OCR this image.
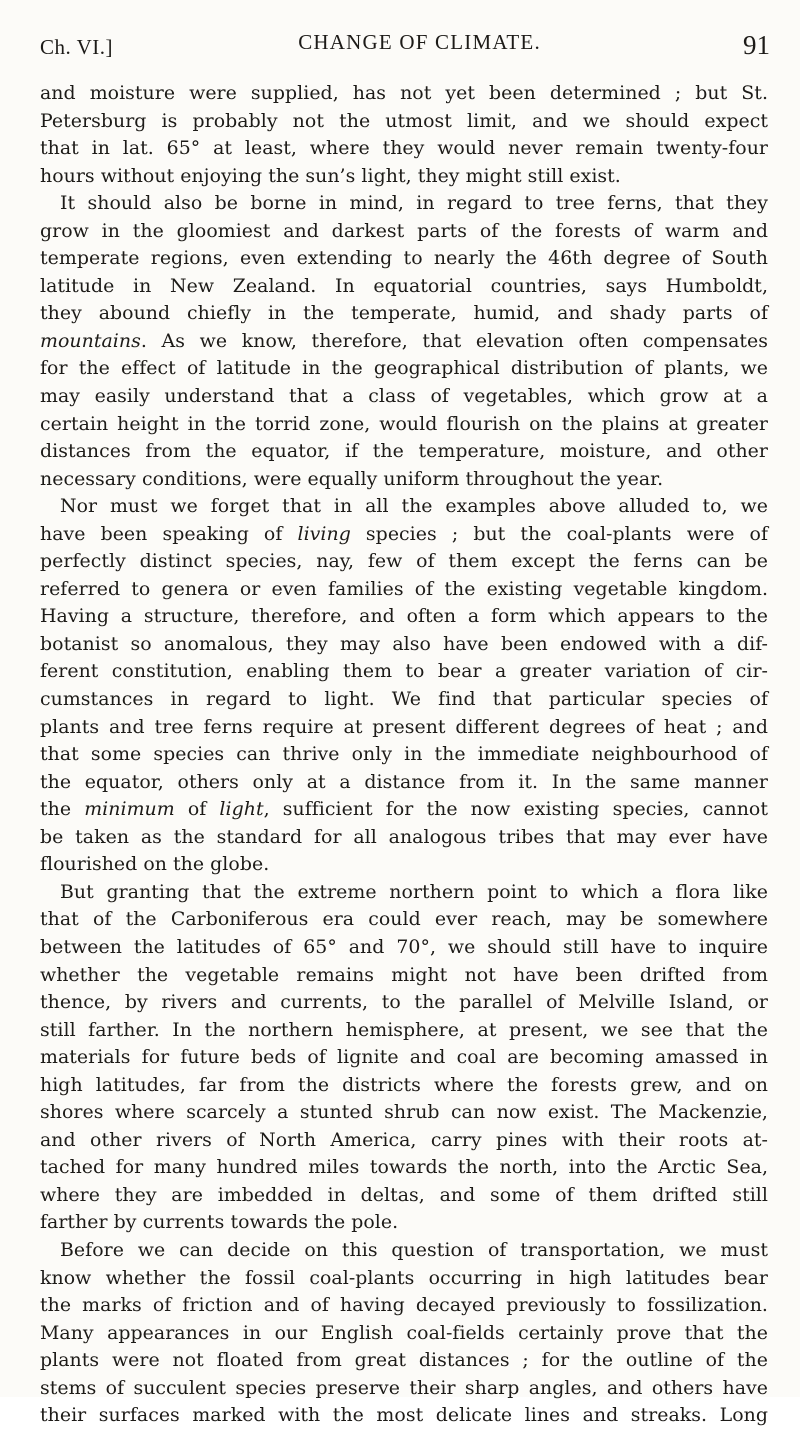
Ch. VI.]	CHANGE OF CLIMATE.	91
and moisture were supplied, has not yet been determined ; but St.
Petersburg is probably not the utmost limit, and we should expect
that in lat. 65° at least, where they would never remain twenty-four
hours without enjoying the sun’s light, they might still exist.
It should also be borne in mind, in regard to tree ferns, that they
grow in the gloomiest and darkest parts of the forests of warm and
temperate regions, even extending to nearly the 46th degree of South
latitude in New Zealand. In equatorial countries, says Humboldt,
they abound chiefly in the temperate, humid, and shady parts of
mountains. As we know, therefore, that elevation often compensates
for the effect of latitude in the geographical distribution of plants, we
may easily understand that a class of vegetables, which grow at a
certain height in the torrid zone, would flourish on the plains at greater
distances from the equator, if the temperature, moisture, and other
necessary conditions, were equally uniform throughout the year.
Nor must we forget that in all the examples above alluded to, we
have been speaking of living species ; but the coal-plants were of
perfectly distinct species, nay, few of them except the ferns can be
referred to genera or even families of the existing vegetable kingdom.
Having a structure, therefore, and often a form which appears to the
botanist so anomalous, they may also have been endowed with a dif-
ferent constitution, enabling them to bear a greater variation of cir-
cumstances in regard to light. We find that particular species of
plants and tree ferns require at present different degrees of heat ; and
that some species can thrive only in the immediate neighbourhood of
the equator, others only at a distance from it. In the same manner
the minimum of light, sufficient for the now existing species, cannot
be taken as the standard for all analogous tribes that may ever have
flourished on the globe.
But granting that the extreme northern point to which a flora like
that of the Carboniferous era could ever reach, may be somewhere
between the latitudes of 65° and 70°, we should still have to inquire
whether the vegetable remains might not have been drifted from
thence, by rivers and currents, to the parallel of Melville Island, or
still farther. In the northern hemisphere, at present, we see that the
materials for future beds of lignite and coal are becoming amassed in
high latitudes, far from the districts where the forests grew, and on
shores where scarcely a stunted shrub can now exist. The Mackenzie,
and other rivers of North America, carry pines with their roots at-
tached for many hundred miles towards the north, into the Arctic Sea,
where they are imbedded in deltas, and some of them drifted still
farther by currents towards the pole.
Before we can decide on this question of transportation, we must
know whether the fossil coal-plants occurring in high latitudes bear
the marks of friction and of having decayed previously to fossilization.
Many appearances in our English coal-fields certainly prove that the
plants were not floated from great distances ; for the outline of the
stems of succulent species preserve their sharp angles, and others have
their surfaces marked with the most delicate lines and streaks. Long
